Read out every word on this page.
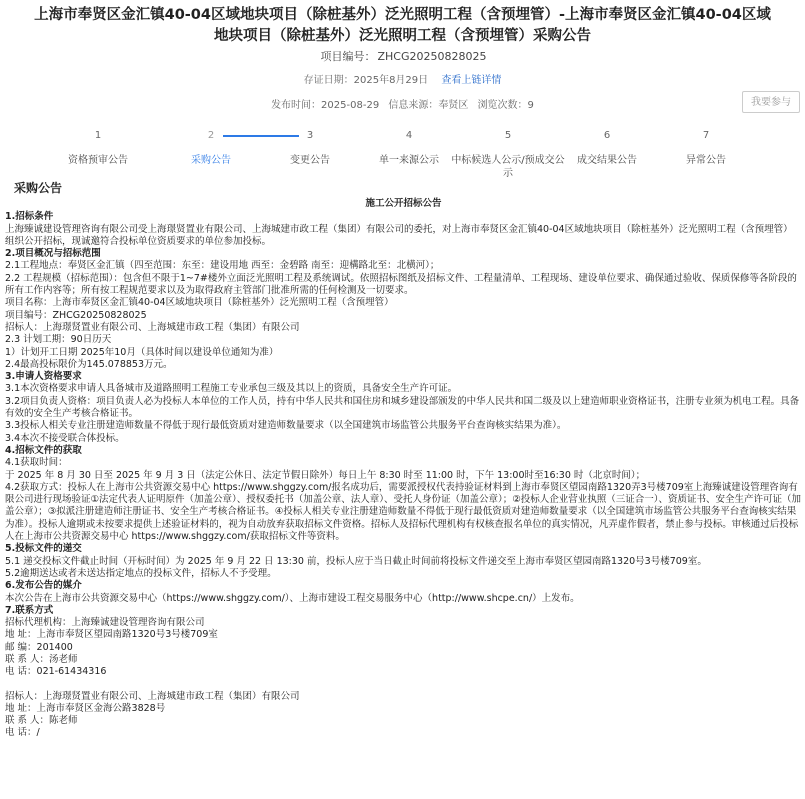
上海市奉贤区金汇镇40-04区域地块项目（除桩基外）泛光照明工程（含预埋管）-上海市奉贤区金汇镇40-04区域地块项目（除桩基外）泛光照明工程（含预埋管）采购公告
项目编号： ZHCG20250828025
存证日期：2025年8月29日 查看上链详情
发布时间：2025-08-29 信息来源：奉贤区 浏览次数：9	我要参与
1
资格预审公告
2
采购公告
3
变更公告
4
单一来源公示
5
中标候选人公示/预成交公示
6
成交结果公告
7
异常公告
采购公告
施工公开招标公告

1.招标条件

上海臻诚建设管理咨询有限公司受上海璟贤置业有限公司、上海城建市政工程（集团）有限公司的委托，对上海市奉贤区金汇镇40-04区域地块项目（除桩基外）泛光照明工程（含预埋管）组织公开招标，现诚邀符合投标单位资质要求的单位参加投标。

2.项目概况与招标范围

2.1工程地点：奉贤区金汇镇（四至范围：东至：建设用地 西至：金碧路 南至：迎構路北至：北横河）；

2.2 工程规模（招标范围）：包含但不限于1~7#楼外立面泛光照明工程及系统调试。依照招标图纸及招标文件、工程量清单、工程现场、建设单位要求、确保通过验收、保质保修等各阶段的所有工作内容等；所有按工程规范要求以及为取得政府主管部门批准所需的任何检测及一切要求。

项目名称：上海市奉贤区金汇镇40-04区域地块项目（除桩基外）泛光照明工程（含预埋管）

项目编号：ZHCG20250828025

招标人：上海璟贤置业有限公司、上海城建市政工程（集团）有限公司

2.3 计划工期：90日历天

1）计划开工日期 2025年10月（具体时间以建设单位通知为准）

2.4最高投标限价为145.078853万元。

3.申请人资格要求

3.1本次资格要求申请人具备城市及道路照明工程施工专业承包三级及其以上的资质，具备安全生产许可证。

3.2项目负责人资格：项目负责人必为投标人本单位的工作人员，持有中华人民共和国住房和城乡建设部颁发的中华人民共和国二级及以上建造师职业资格证书，注册专业须为机电工程。具备有效的安全生产考核合格证书。

3.3投标人相关专业注册建造师数量不得低于现行最低资质对建造师数量要求（以全国建筑市场监管公共服务平台查询核实结果为准）。

3.4本次不接受联合体投标。

4.招标文件的获取

4.1获取时间：

于 2025 年 8 月 30 日至 2025 年 9 月 3 日（法定公休日、法定节假日除外）每日上午 8:30 时至 11:00 时，下午 13:00时至16:30 时（北京时间）；

4.2获取方式：投标人在上海市公共资源交易中心 https://www.shggzy.com/报名成功后，需要派授权代表持验证材料到上海市奉贤区望园南路1320弄3号楼709室上海臻诚建设管理咨询有限公司进行现场验证①法定代表人证明原件（加盖公章）、授权委托书（加盖公章、法人章）、受托人身份证（加盖公章）；②投标人企业营业执照（三证合一）、资质证书、安全生产许可证（加盖公章）；③拟派注册建造师注册证书、安全生产考核合格证书。④投标人相关专业注册建造师数量不得低于现行最低资质对建造师数量要求（以全国建筑市场监管公共服务平台查询核实结果为准）。投标人逾期或未按要求提供上述验证材料的，视为自动放弃获取招标文件资格。招标人及招标代理机构有权核查报名单位的真实情况，凡弄虚作假者，禁止参与投标。审核通过后投标人在上海市公共资源交易中心 https://www.shggzy.com/获取招标文件等资料。

5.投标文件的递交

5.1 递交投标文件截止时间（开标时间）为 2025 年 9 月 22 日 13:30 前，投标人应于当日截止时间前将投标文件递交至上海市奉贤区望园南路1320号3号楼709室。

5.2逾期送达或者未送达指定地点的投标文件，招标人不予受理。

6.发布公告的媒介

本次公告在上海市公共资源交易中心（https://www.shggzy.com/）、上海市建设工程交易服务中心（http://www.shcpe.cn/）上发布。

7.联系方式

招标代理机构：上海臻诚建设管理咨询有限公司

地 址：上海市奉贤区望园南路1320号3号楼709室

邮 编：201400

联 系 人：汤老师

电 话：021-61434316

招标人：上海璟贤置业有限公司、上海城建市政工程（集团）有限公司

地 址：上海市奉贤区金海公路3828号

联 系 人：陈老师

电 话：/
